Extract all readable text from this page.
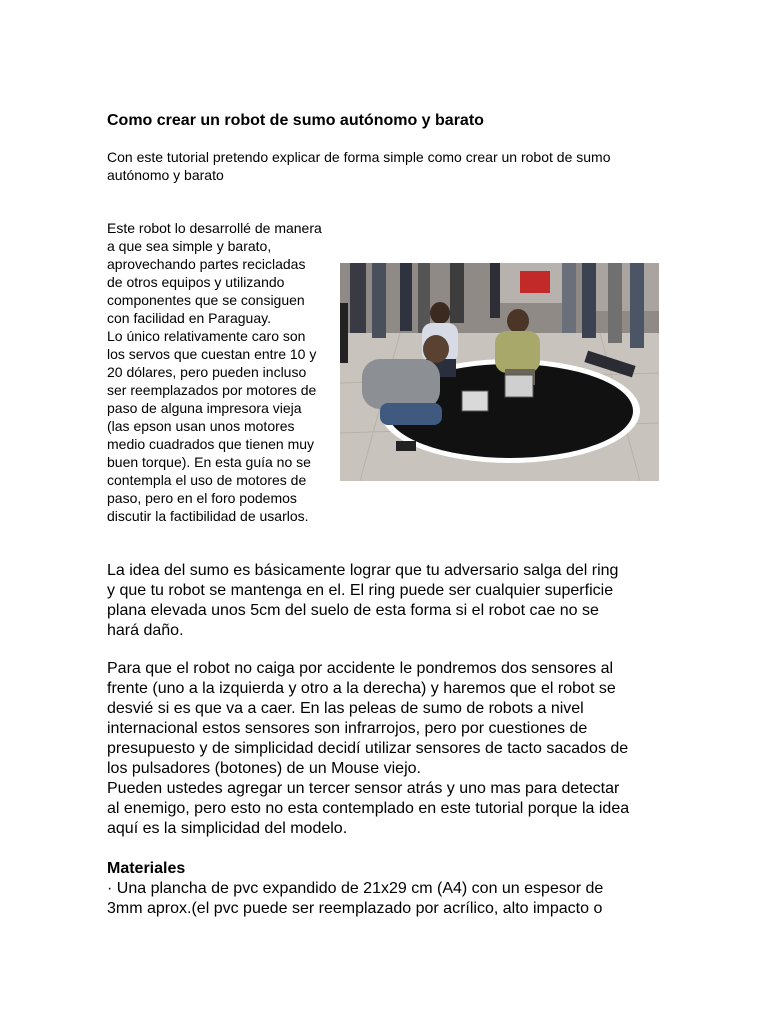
Como crear un robot de sumo autónomo y barato
Con este tutorial pretendo explicar de forma simple como crear un robot de sumo
autónomo y barato
Este robot lo desarrollé de manera
a que sea simple y barato,
aprovechando partes recicladas
de otros equipos y utilizando
componentes que se consiguen
con facilidad en Paraguay.
Lo único relativamente caro son
los servos que cuestan entre 10 y
20 dólares, pero pueden incluso
ser reemplazados por motores de
paso de alguna impresora vieja
(las epson usan unos motores
medio cuadrados que tienen muy
buen torque). En esta guía no se
contempla el uso de motores de
paso, pero en el foro podemos
discutir la factibilidad de usarlos.
La idea del sumo es básicamente lograr que tu adversario salga del ring
y que tu robot se mantenga en el. El ring puede ser cualquier superficie
plana elevada unos 5cm del suelo de esta forma si el robot cae no se
hará daño.
Para que el robot no caiga por accidente le pondremos dos sensores al
frente (uno a la izquierda y otro a la derecha) y haremos que el robot se
desvié si es que va a caer. En las peleas de sumo de robots a nivel
internacional estos sensores son infrarrojos, pero por cuestiones de
presupuesto y de simplicidad decidí utilizar sensores de tacto sacados de
los pulsadores (botones) de un Mouse viejo.
Pueden ustedes agregar un tercer sensor atrás y uno mas para detectar
al enemigo, pero esto no esta contemplado en este tutorial porque la idea
aquí es la simplicidad del modelo.
Materiales
· Una plancha de pvc expandido de 21x29 cm (A4) con un espesor de
3mm aprox.(el pvc puede ser reemplazado por acrílico, alto impacto o
